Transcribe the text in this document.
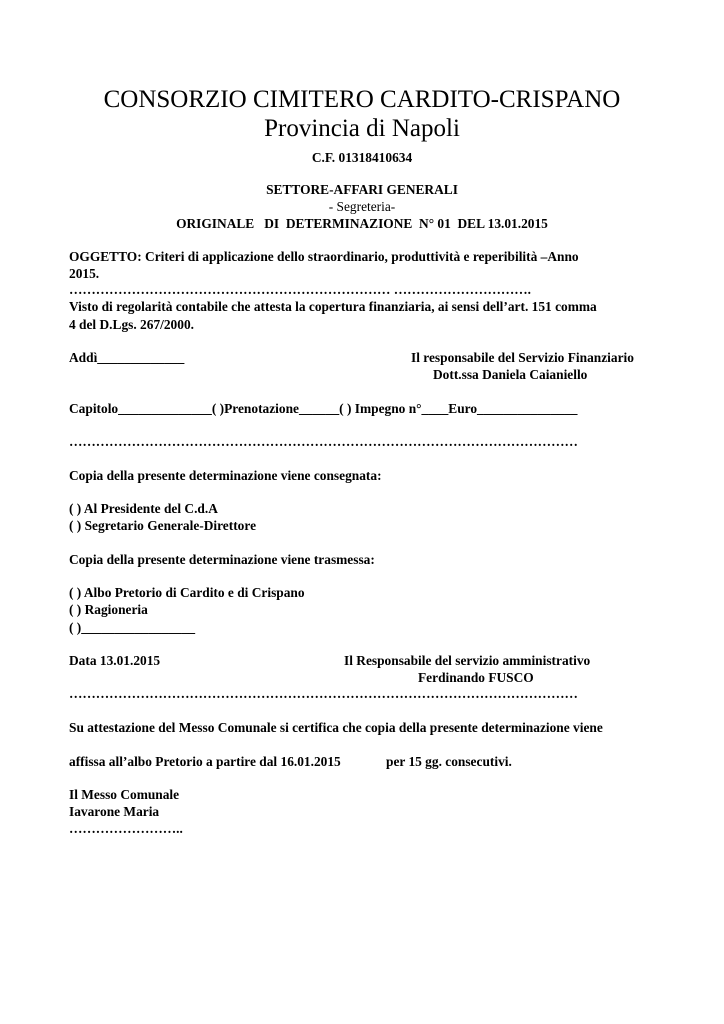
CONSORZIO CIMITERO CARDITO-CRISPANO
Provincia di Napoli
C.F. 01318410634
SETTORE-AFFARI GENERALI
- Segreteria-
ORIGINALE   DI  DETERMINAZIONE  N° 01  DEL 13.01.2015
OGGETTO: Criteri di applicazione dello straordinario, produttività e reperibilità –Anno
2015.
……………………………………………………………… ………………………….
Visto di regolarità contabile che attesta la copertura finanziaria, ai sensi dell’art. 151 comma
4 del D.Lgs. 267/2000.
Addì_____________	Il responsabile del Servizio Finanziario
Dott.ssa Daniela Caianiello
Capitolo______________( )Prenotazione______( ) Impegno n°____Euro_______________
……………………………………………………………………………………………………
Copia della presente determinazione viene consegnata:
( ) Al Presidente del C.d.A
( ) Segretario Generale-Direttore
Copia della presente determinazione viene trasmessa:
( ) Albo Pretorio di Cardito e di Crispano
( ) Ragioneria
( )_________________
Data 13.01.2015	Il Responsabile del servizio amministrativo
Ferdinando FUSCO
……………………………………………………………………………………………………
Su attestazione del Messo Comunale si certifica che copia della presente determinazione viene
affissa all’albo Pretorio a partire dal 16.01.2015	per 15 gg. consecutivi.
Il Messo Comunale
Iavarone Maria
……………………..
